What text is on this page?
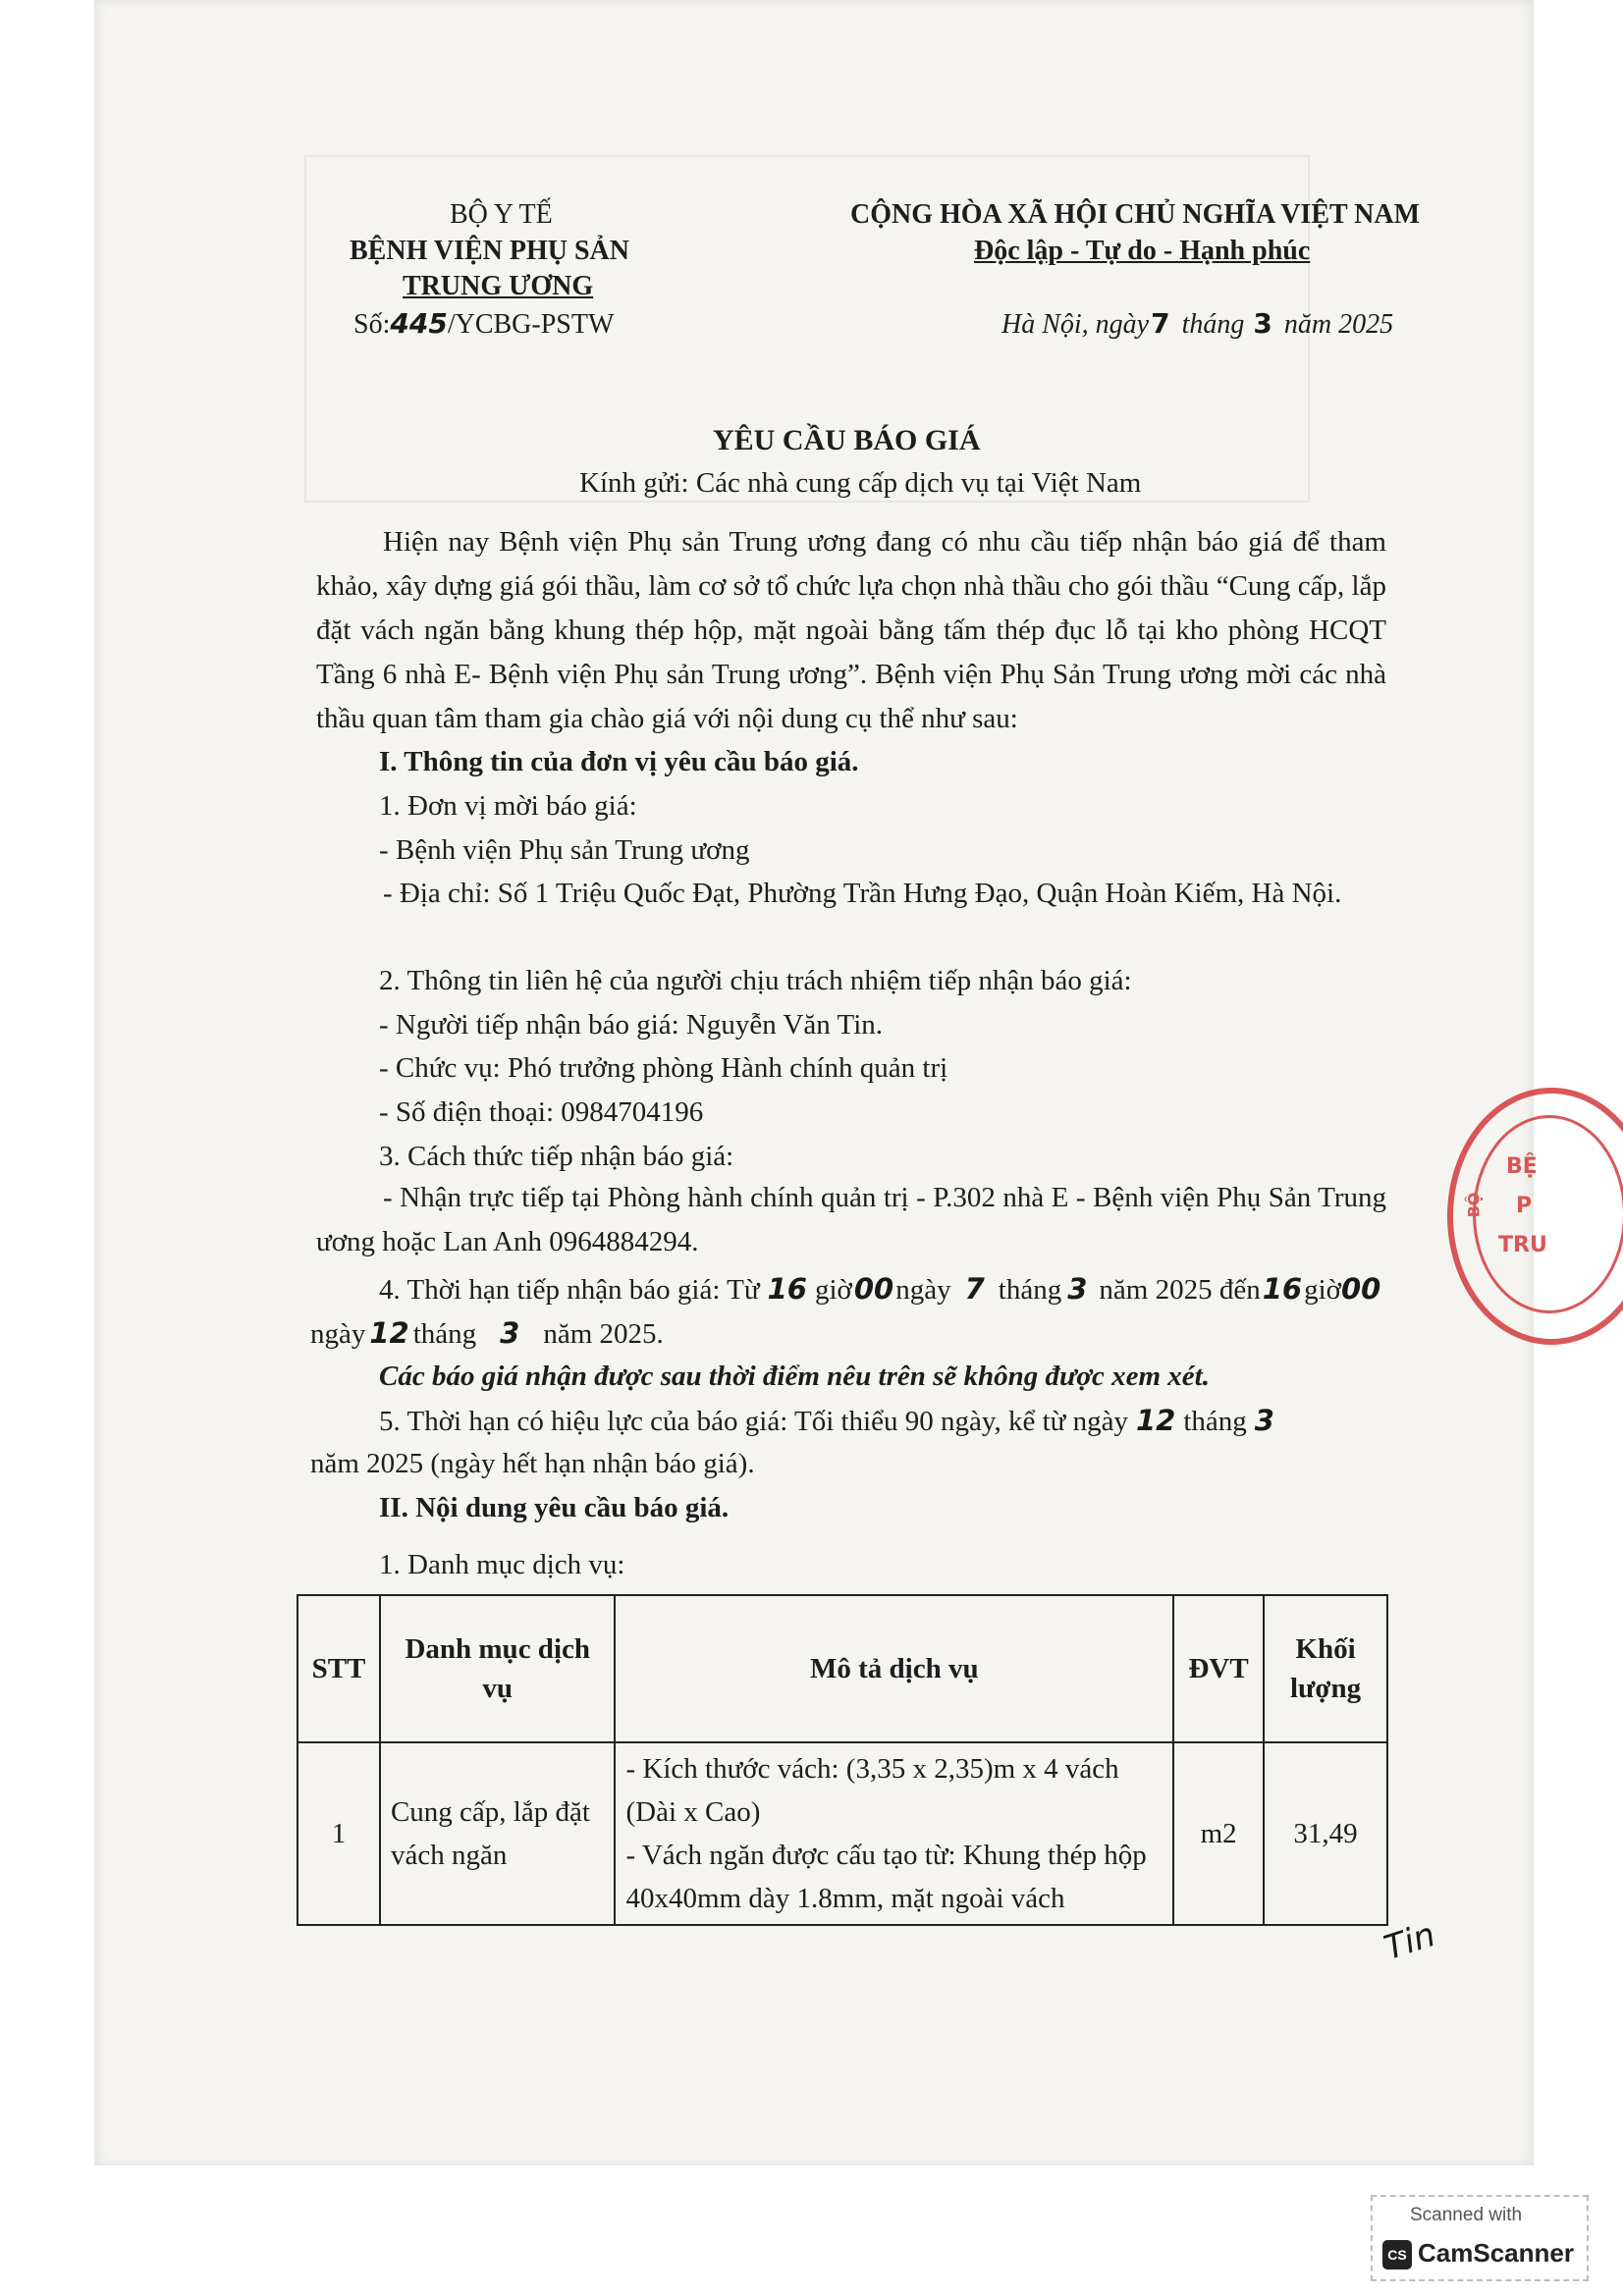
BỘ Y TẾ
BỆNH VIỆN PHỤ SẢN
TRUNG ƯƠNG
Số:445/YCBG-PSTW
CỘNG HÒA XÃ HỘI CHỦ NGHĨA VIỆT NAM
Độc lập - Tự do - Hạnh phúc
Hà Nội, ngày7 tháng 3 năm 2025
YÊU CẦU BÁO GIÁ
Kính gửi: Các nhà cung cấp dịch vụ tại Việt Nam
Hiện nay Bệnh viện Phụ sản Trung ương đang có nhu cầu tiếp nhận báo giá để tham khảo, xây dựng giá gói thầu, làm cơ sở tổ chức lựa chọn nhà thầu cho gói thầu “Cung cấp, lắp đặt vách ngăn bằng khung thép hộp, mặt ngoài bằng tấm thép đục lỗ tại kho phòng HCQT Tầng 6 nhà E- Bệnh viện Phụ sản Trung ương”. Bệnh viện Phụ Sản Trung ương mời các nhà thầu quan tâm tham gia chào giá với nội dung cụ thể như sau:
I. Thông tin của đơn vị yêu cầu báo giá.
1. Đơn vị mời báo giá:
- Bệnh viện Phụ sản Trung ương
- Địa chỉ: Số 1 Triệu Quốc Đạt, Phường Trần Hưng Đạo, Quận Hoàn Kiếm, Hà Nội.
2. Thông tin liên hệ của người chịu trách nhiệm tiếp nhận báo giá:
- Người tiếp nhận báo giá: Nguyễn Văn Tin.
- Chức vụ: Phó trưởng phòng Hành chính quản trị
- Số điện thoại: 0984704196
3. Cách thức tiếp nhận báo giá:
- Nhận trực tiếp tại Phòng hành chính quản trị - P.302 nhà E - Bệnh viện Phụ Sản Trung ương hoặc Lan Anh 0964884294.
4. Thời hạn tiếp nhận báo giá: Từ 16 giờ00ngày 7 tháng 3 năm 2025 đến16giờ00
ngày 12 tháng 3 năm 2025.
Các báo giá nhận được sau thời điểm nêu trên sẽ không được xem xét.
5. Thời hạn có hiệu lực của báo giá: Tối thiểu 90 ngày, kể từ ngày 12 tháng 3
năm 2025 (ngày hết hạn nhận báo giá).
II. Nội dung yêu cầu báo giá.
1. Danh mục dịch vụ:
STT	Danh mục dịch vụ	Mô tả dịch vụ	ĐVT	Khối lượng
1	Cung cấp, lắp đặt vách ngăn	- Kích thước vách: (3,35 x 2,35)m x 4 vách (Dài x Cao)
- Vách ngăn được cấu tạo từ: Khung thép hộp 40x40mm dày 1.8mm, mặt ngoài vách	m2	31,49
Tin
BỆ
P
TRU
BỘ
Scanned with
CS CamScanner
